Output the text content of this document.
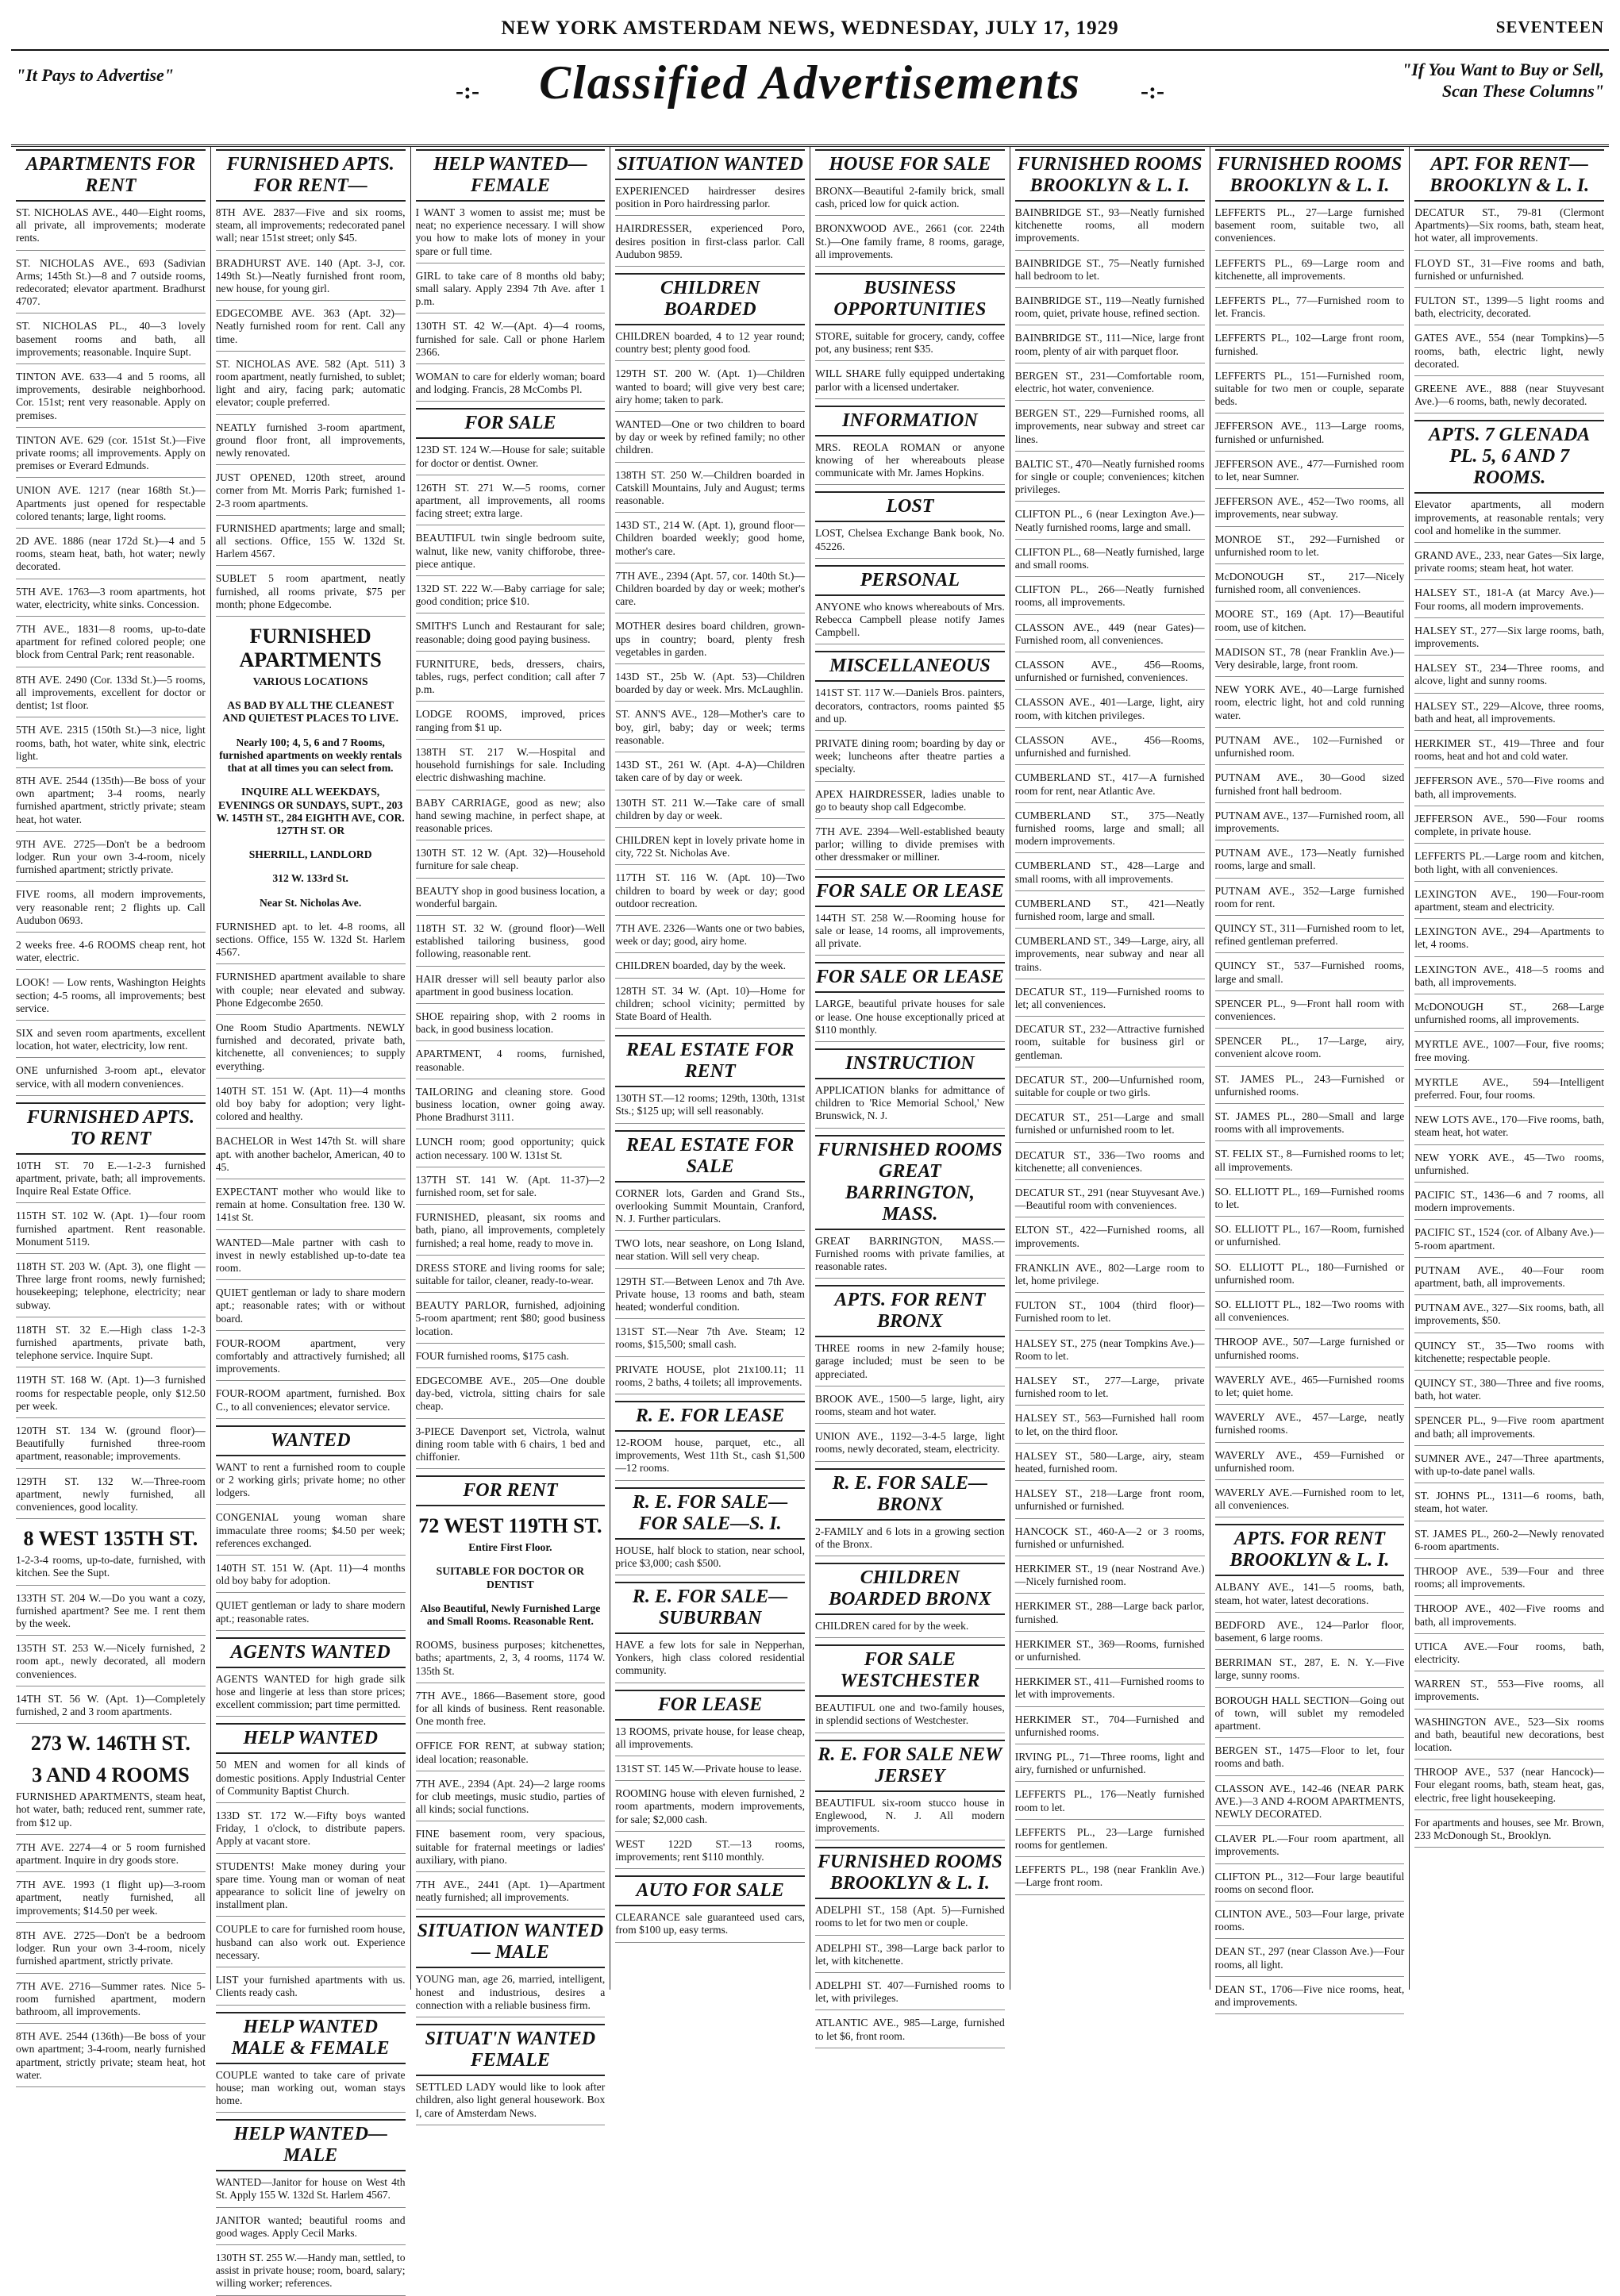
NEW YORK AMSTERDAM NEWS, WEDNESDAY, JULY 17, 1929	SEVENTEEN
"It Pays to Advertise"
-:-	Classified Advertisements	-:-
"If You Want to Buy or Sell,
Scan These Columns"
APARTMENTS FOR RENT
ST. NICHOLAS AVE., 440—Eight rooms, all private, all improvements; moderate rents.
ST. NICHOLAS AVE., 693 (Sadivian Arms; 145th St.)—8 and 7 outside rooms, redecorated; elevator apartment. Bradhurst 4707.
ST. NICHOLAS PL., 40—3 lovely basement rooms and bath, all improvements; reasonable. Inquire Supt.
TINTON AVE. 633—4 and 5 rooms, all improvements, desirable neighborhood. Cor. 151st; rent very reasonable. Apply on premises.
TINTON AVE. 629 (cor. 151st St.)—Five private rooms; all improvements. Apply on premises or Everard Edmunds.
UNION AVE. 1217 (near 168th St.)—Apartments just opened for respectable colored tenants; large, light rooms.
2D AVE. 1886 (near 172d St.)—4 and 5 rooms, steam heat, bath, hot water; newly decorated.
5TH AVE. 1763—3 room apartments, hot water, electricity, white sinks. Concession.
7TH AVE., 1831—8 rooms, up-to-date apartment for refined colored people; one block from Central Park; rent reasonable.
8TH AVE. 2490 (Cor. 133d St.)—5 rooms, all improvements, excellent for doctor or dentist; 1st floor.
5TH AVE. 2315 (150th St.)—3 nice, light rooms, bath, hot water, white sink, electric light.
8TH AVE. 2544 (135th)—Be boss of your own apartment; 3-4 rooms, nearly furnished apartment, strictly private; steam heat, hot water.
9TH AVE. 2725—Don't be a bedroom lodger. Run your own 3-4-room, nicely furnished apartment; strictly private.
FIVE rooms, all modern improvements, very reasonable rent; 2 flights up. Call Audubon 0693.
2 weeks free. 4-6 ROOMS cheap rent, hot water, electric.
LOOK! — Low rents, Washington Heights section; 4-5 rooms, all improvements; best service.
SIX and seven room apartments, excellent location, hot water, electricity, low rent.
ONE unfurnished 3-room apt., elevator service, with all modern conveniences.
FURNISHED APTS. TO RENT
10TH ST. 70 E.—1-2-3 furnished apartment, private, bath; all improvements. Inquire Real Estate Office.
115TH ST. 102 W. (Apt. 1)—four room furnished apartment. Rent reasonable. Monument 5119.
118TH ST. 203 W. (Apt. 3), one flight —Three large front rooms, newly furnished; housekeeping; telephone, electricity; near subway.
118TH ST. 32 E.—High class 1-2-3 furnished apartments, private bath, telephone service. Inquire Supt.
119TH ST. 168 W. (Apt. 1)—3 furnished rooms for respectable people, only $12.50 per week.
120TH ST. 134 W. (ground floor)—Beautifully furnished three-room apartment, reasonable; improvements.
129TH ST. 132 W.—Three-room apartment, newly furnished, all conveniences, good locality.
8 WEST 135TH ST.
1-2-3-4 rooms, up-to-date, furnished, with kitchen. See the Supt.
133TH ST. 204 W.—Do you want a cozy, furnished apartment? See me. I rent them by the week.
135TH ST. 253 W.—Nicely furnished, 2 room apt., newly decorated, all modern conveniences.
14TH ST. 56 W. (Apt. 1)—Completely furnished, 2 and 3 room apartments.
273 W. 146TH ST.
3 AND 4 ROOMS
FURNISHED APARTMENTS, steam heat, hot water, bath; reduced rent, summer rate, from $12 up.
7TH AVE. 2274—4 or 5 room furnished apartment. Inquire in dry goods store.
7TH AVE. 1993 (1 flight up)—3-room apartment, neatly furnished, all improvements; $14.50 per week.
8TH AVE. 2725—Don't be a bedroom lodger. Run your own 3-4-room, nicely furnished apartment, strictly private.
7TH AVE. 2716—Summer rates. Nice 5-room furnished apartment, modern bathroom, all improvements.
8TH AVE. 2544 (136th)—Be boss of your own apartment; 3-4-room, nearly furnished apartment, strictly private; steam heat, hot water.
FURNISHED APTS. FOR RENT—
8TH AVE. 2837—Five and six rooms, steam, all improvements; redecorated panel wall; near 151st street; only $45.
BRADHURST AVE. 140 (Apt. 3-J, cor. 149th St.)—Neatly furnished front room, new house, for young girl.
EDGECOMBE AVE. 363 (Apt. 32)—Neatly furnished room for rent. Call any time.
ST. NICHOLAS AVE. 582 (Apt. 511) 3 room apartment, neatly furnished, to sublet; light and airy, facing park; automatic elevator; couple preferred.
NEATLY furnished 3-room apartment, ground floor front, all improvements, newly renovated.
JUST OPENED, 120th street, around corner from Mt. Morris Park; furnished 1-2-3 room apartments.
FURNISHED apartments; large and small; all sections. Office, 155 W. 132d St. Harlem 4567.
SUBLET 5 room apartment, neatly furnished, all rooms private, $75 per month; phone Edgecombe.
FURNISHED APARTMENTS
VARIOUS LOCATIONS
AS BAD BY ALL THE CLEANEST AND QUIETEST PLACES TO LIVE.
Nearly 100; 4, 5, 6 and 7 Rooms, furnished apartments on weekly rentals that at all times you can select from.
INQUIRE ALL WEEKDAYS, EVENINGS OR SUNDAYS, SUPT., 203 W. 145TH ST., 284 EIGHTH AVE, COR. 127TH ST. OR
SHERRILL, LANDLORD
312 W. 133rd St.
Near St. Nicholas Ave.
FURNISHED apt. to let. 4-8 rooms, all sections. Office, 155 W. 132d St. Harlem 4567.
FURNISHED apartment available to share with couple; near elevated and subway. Phone Edgecombe 2650.
One Room Studio Apartments. NEWLY furnished and decorated, private bath, kitchenette, all conveniences; to supply everything.
140TH ST. 151 W. (Apt. 11)—4 months old boy baby for adoption; very light-colored and healthy.
BACHELOR in West 147th St. will share apt. with another bachelor, American, 40 to 45.
EXPECTANT mother who would like to remain at home. Consultation free. 130 W. 141st St.
WANTED—Male partner with cash to invest in newly established up-to-date tea room.
QUIET gentleman or lady to share modern apt.; reasonable rates; with or without board.
FOUR-ROOM apartment, very comfortably and attractively furnished; all improvements.
FOUR-ROOM apartment, furnished. Box C., to all conveniences; elevator service.
WANTED
WANT to rent a furnished room to couple or 2 working girls; private home; no other lodgers.
CONGENIAL young woman share immaculate three rooms; $4.50 per week; references exchanged.
140TH ST. 151 W. (Apt. 11)—4 months old boy baby for adoption.
QUIET gentleman or lady to share modern apt.; reasonable rates.
AGENTS WANTED
AGENTS WANTED for high grade silk hose and lingerie at less than store prices; excellent commission; part time permitted.
HELP WANTED
50 MEN and women for all kinds of domestic positions. Apply Industrial Center of Community Baptist Church.
133D ST. 172 W.—Fifty boys wanted Friday, 1 o'clock, to distribute papers. Apply at vacant store.
STUDENTS! Make money during your spare time. Young man or woman of neat appearance to solicit line of jewelry on installment plan.
COUPLE to care for furnished room house, husband can also work out. Experience necessary.
LIST your furnished apartments with us. Clients ready cash.
HELP WANTED MALE & FEMALE
COUPLE wanted to take care of private house; man working out, woman stays home.
HELP WANTED— MALE
WANTED—Janitor for house on West 4th St. Apply 155 W. 132d St. Harlem 4567.
JANITOR wanted; beautiful rooms and good wages. Apply Cecil Marks.
130TH ST. 255 W.—Handy man, settled, to assist in private house; room, board, salary; willing worker; references.
HELP WANTED— FEMALE
I WANT 3 women to assist me; must be neat; no experience necessary. I will show you how to make lots of money in your spare or full time.
GIRL to take care of 8 months old baby; small salary. Apply 2394 7th Ave. after 1 p.m.
130TH ST. 42 W.—(Apt. 4)—4 rooms, furnished for sale. Call or phone Harlem 2366.
WOMAN to care for elderly woman; board and lodging. Francis, 28 McCombs Pl.
FOR SALE
123D ST. 124 W.—House for sale; suitable for doctor or dentist. Owner.
126TH ST. 271 W.—5 rooms, corner apartment, all improvements, all rooms facing street; extra large.
BEAUTIFUL twin single bedroom suite, walnut, like new, vanity chifforobe, three-piece antique.
132D ST. 222 W.—Baby carriage for sale; good condition; price $10.
SMITH'S Lunch and Restaurant for sale; reasonable; doing good paying business.
FURNITURE, beds, dressers, chairs, tables, rugs, perfect condition; call after 7 p.m.
LODGE ROOMS, improved, prices ranging from $1 up.
138TH ST. 217 W.—Hospital and household furnishings for sale. Including electric dishwashing machine.
BABY CARRIAGE, good as new; also hand sewing machine, in perfect shape, at reasonable prices.
130TH ST. 12 W. (Apt. 32)—Household furniture for sale cheap.
BEAUTY shop in good business location, a wonderful bargain.
118TH ST. 32 W. (ground floor)—Well established tailoring business, good following, reasonable rent.
HAIR dresser will sell beauty parlor also apartment in good business location.
SHOE repairing shop, with 2 rooms in back, in good business location.
APARTMENT, 4 rooms, furnished, reasonable.
TAILORING and cleaning store. Good business location, owner going away. Phone Bradhurst 3111.
LUNCH room; good opportunity; quick action necessary. 100 W. 131st St.
137TH ST. 141 W. (Apt. 11-37)—2 furnished room, set for sale.
FURNISHED, pleasant, six rooms and bath, piano, all improvements, completely furnished; a real home, ready to move in.
DRESS STORE and living rooms for sale; suitable for tailor, cleaner, ready-to-wear.
BEAUTY PARLOR, furnished, adjoining 5-room apartment; rent $80; good business location.
FOUR furnished rooms, $175 cash.
EDGECOMBE AVE., 205—One double day-bed, victrola, sitting chairs for sale cheap.
3-PIECE Davenport set, Victrola, walnut dining room table with 6 chairs, 1 bed and chiffonier.
FOR RENT
72 WEST 119TH ST.
Entire First Floor.
SUITABLE FOR DOCTOR OR DENTIST
Also Beautiful, Newly Furnished Large and Small Rooms. Reasonable Rent.
ROOMS, business purposes; kitchenettes, baths; apartments, 2, 3, 4 rooms, 1174 W. 135th St.
7TH AVE., 1866—Basement store, good for all kinds of business. Rent reasonable. One month free.
OFFICE FOR RENT, at subway station; ideal location; reasonable.
7TH AVE., 2394 (Apt. 24)—2 large rooms for club meetings, music studio, parties of all kinds; social functions.
FINE basement room, very spacious, suitable for fraternal meetings or ladies' auxiliary, with piano.
7TH AVE., 2441 (Apt. 1)—Apartment neatly furnished; all improvements.
SITUATION WANTED — MALE
YOUNG man, age 26, married, intelligent, honest and industrious, desires a connection with a reliable business firm.
SITUAT'N WANTED FEMALE
SETTLED LADY would like to look after children, also light general housework. Box I, care of Amsterdam News.
SITUATION WANTED
EXPERIENCED hairdresser desires position in Poro hairdressing parlor.
HAIRDRESSER, experienced Poro, desires position in first-class parlor. Call Audubon 9859.
CHILDREN BOARDED
CHILDREN boarded, 4 to 12 year round; country best; plenty good food.
129TH ST. 200 W. (Apt. 1)—Children wanted to board; will give very best care; airy home; taken to park.
WANTED—One or two children to board by day or week by refined family; no other children.
138TH ST. 250 W.—Children boarded in Catskill Mountains, July and August; terms reasonable.
143D ST., 214 W. (Apt. 1), ground floor—Children boarded weekly; good home, mother's care.
7TH AVE., 2394 (Apt. 57, cor. 140th St.)—Children boarded by day or week; mother's care.
MOTHER desires board children, grown-ups in country; board, plenty fresh vegetables in garden.
143D ST., 25b W. (Apt. 53)—Children boarded by day or week. Mrs. McLaughlin.
ST. ANN'S AVE., 128—Mother's care to boy, girl, baby; day or week; terms reasonable.
143D ST., 261 W. (Apt. 4-A)—Children taken care of by day or week.
130TH ST. 211 W.—Take care of small children by day or week.
CHILDREN kept in lovely private home in city, 722 St. Nicholas Ave.
117TH ST. 116 W. (Apt. 10)—Two children to board by week or day; good outdoor recreation.
7TH AVE. 2326—Wants one or two babies, week or day; good, airy home.
CHILDREN boarded, day by the week.
128TH ST. 34 W. (Apt. 10)—Home for children; school vicinity; permitted by State Board of Health.
REAL ESTATE FOR RENT
130TH ST.—12 rooms; 129th, 130th, 131st Sts.; $125 up; will sell reasonably.
REAL ESTATE FOR SALE
CORNER lots, Garden and Grand Sts., overlooking Summit Mountain, Cranford, N. J. Further particulars.
TWO lots, near seashore, on Long Island, near station. Will sell very cheap.
129TH ST.—Between Lenox and 7th Ave. Private house, 13 rooms and bath, steam heated; wonderful condition.
131ST ST.—Near 7th Ave. Steam; 12 rooms, $15,500; small cash.
PRIVATE HOUSE, plot 21x100.11; 11 rooms, 2 baths, 4 toilets; all improvements.
R. E. FOR LEASE
12-ROOM house, parquet, etc., all improvements, West 11th St., cash $1,500—12 rooms.
R. E. FOR SALE— FOR SALE—S. I.
HOUSE, half block to station, near school, price $3,000; cash $500.
R. E. FOR SALE— SUBURBAN
HAVE a few lots for sale in Nepperhan, Yonkers, high class colored residential community.
FOR LEASE
13 ROOMS, private house, for lease cheap, all improvements.
131ST ST. 145 W.—Private house to lease.
ROOMING house with eleven furnished, 2 room apartments, modern improvements, for sale; $2,000 cash.
WEST 122D ST.—13 rooms, improvements; rent $110 monthly.
AUTO FOR SALE
CLEARANCE sale guaranteed used cars, from $100 up, easy terms.
HOUSE FOR SALE
BRONX—Beautiful 2-family brick, small cash, priced low for quick action.
BRONXWOOD AVE., 2661 (cor. 224th St.)—One family frame, 8 rooms, garage, all improvements.
BUSINESS OPPORTUNITIES
STORE, suitable for grocery, candy, coffee pot, any business; rent $35.
WILL SHARE fully equipped undertaking parlor with a licensed undertaker.
INFORMATION
MRS. REOLA ROMAN or anyone knowing of her whereabouts please communicate with Mr. James Hopkins.
LOST
LOST, Chelsea Exchange Bank book, No. 45226.
PERSONAL
ANYONE who knows whereabouts of Mrs. Rebecca Campbell please notify James Campbell.
MISCELLANEOUS
141ST ST. 117 W.—Daniels Bros. painters, decorators, contractors, rooms painted $5 and up.
PRIVATE dining room; boarding by day or week; luncheons after theatre parties a specialty.
APEX HAIRDRESSER, ladies unable to go to beauty shop call Edgecombe.
7TH AVE. 2394—Well-established beauty parlor; willing to divide premises with other dressmaker or milliner.
FOR SALE OR LEASE
144TH ST. 258 W.—Rooming house for sale or lease, 14 rooms, all improvements, all private.
FOR SALE OR LEASE
LARGE, beautiful private houses for sale or lease. One house exceptionally priced at $110 monthly.
INSTRUCTION
APPLICATION blanks for admittance of children to 'Rice Memorial School,' New Brunswick, N. J.
FURNISHED ROOMS GREAT BARRINGTON, MASS.
GREAT BARRINGTON, MASS.—Furnished rooms with private families, at reasonable rates.
APTS. FOR RENT BRONX
THREE rooms in new 2-family house; garage included; must be seen to be appreciated.
BROOK AVE., 1500—5 large, light, airy rooms, steam and hot water.
UNION AVE., 1192—3-4-5 large, light rooms, newly decorated, steam, electricity.
R. E. FOR SALE— BRONX
2-FAMILY and 6 lots in a growing section of the Bronx.
CHILDREN BOARDED BRONX
CHILDREN cared for by the week.
FOR SALE WESTCHESTER
BEAUTIFUL one and two-family houses, in splendid sections of Westchester.
R. E. FOR SALE NEW JERSEY
BEAUTIFUL six-room stucco house in Englewood, N. J. All modern improvements.
FURNISHED ROOMS BROOKLYN & L. I.
ADELPHI ST., 158 (Apt. 5)—Furnished rooms to let for two men or couple.
ADELPHI ST., 398—Large back parlor to let, with kitchenette.
ADELPHI ST. 407—Furnished rooms to let, with privileges.
ATLANTIC AVE., 985—Large, furnished to let $6, front room.
FURNISHED ROOMS BROOKLYN & L. I.
BAINBRIDGE ST., 93—Neatly furnished kitchenette rooms, all modern improvements.
BAINBRIDGE ST., 75—Neatly furnished hall bedroom to let.
BAINBRIDGE ST., 119—Neatly furnished room, quiet, private house, refined section.
BAINBRIDGE ST., 111—Nice, large front room, plenty of air with parquet floor.
BERGEN ST., 231—Comfortable room, electric, hot water, convenience.
BERGEN ST., 229—Furnished rooms, all improvements, near subway and street car lines.
BALTIC ST., 470—Neatly furnished rooms for single or couple; conveniences; kitchen privileges.
CLIFTON PL., 6 (near Lexington Ave.)—Neatly furnished rooms, large and small.
CLIFTON PL., 68—Neatly furnished, large and small rooms.
CLIFTON PL., 266—Neatly furnished rooms, all improvements.
CLASSON AVE., 449 (near Gates)—Furnished room, all conveniences.
CLASSON AVE., 456—Rooms, unfurnished or furnished, conveniences.
CLASSON AVE., 401—Large, light, airy room, with kitchen privileges.
CLASSON AVE., 456—Rooms, unfurnished and furnished.
CUMBERLAND ST., 417—A furnished room for rent, near Atlantic Ave.
CUMBERLAND ST., 375—Neatly furnished rooms, large and small; all modern improvements.
CUMBERLAND ST., 428—Large and small rooms, with all improvements.
CUMBERLAND ST., 421—Neatly furnished room, large and small.
CUMBERLAND ST., 349—Large, airy, all improvements, near subway and near all trains.
DECATUR ST., 119—Furnished rooms to let; all conveniences.
DECATUR ST., 232—Attractive furnished room, suitable for business girl or gentleman.
DECATUR ST., 200—Unfurnished room, suitable for couple or two girls.
DECATUR ST., 251—Large and small furnished or unfurnished room to let.
DECATUR ST., 336—Two rooms and kitchenette; all conveniences.
DECATUR ST., 291 (near Stuyvesant Ave.)—Beautiful room with conveniences.
ELTON ST., 422—Furnished rooms, all improvements.
FRANKLIN AVE., 802—Large room to let, home privilege.
FULTON ST., 1004 (third floor)—Furnished room to let.
HALSEY ST., 275 (near Tompkins Ave.)—Room to let.
HALSEY ST., 277—Large, private furnished room to let.
HALSEY ST., 563—Furnished hall room to let, on the third floor.
HALSEY ST., 580—Large, airy, steam heated, furnished room.
HALSEY ST., 218—Large front room, unfurnished or furnished.
HANCOCK ST., 460-A—2 or 3 rooms, furnished or unfurnished.
HERKIMER ST., 19 (near Nostrand Ave.)—Nicely furnished room.
HERKIMER ST., 288—Large back parlor, furnished.
HERKIMER ST., 369—Rooms, furnished or unfurnished.
HERKIMER ST., 411—Furnished rooms to let with improvements.
HERKIMER ST., 704—Furnished and unfurnished rooms.
IRVING PL., 71—Three rooms, light and airy, furnished or unfurnished.
LEFFERTS PL., 176—Neatly furnished room to let.
LEFFERTS PL., 23—Large furnished rooms for gentlemen.
LEFFERTS PL., 198 (near Franklin Ave.)—Large front room.
FURNISHED ROOMS BROOKLYN & L. I.
LEFFERTS PL., 27—Large furnished basement room, suitable two, all conveniences.
LEFFERTS PL., 69—Large room and kitchenette, all improvements.
LEFFERTS PL., 77—Furnished room to let. Francis.
LEFFERTS PL., 102—Large front room, furnished.
LEFFERTS PL., 151—Furnished room, suitable for two men or couple, separate beds.
JEFFERSON AVE., 113—Large rooms, furnished or unfurnished.
JEFFERSON AVE., 477—Furnished room to let, near Sumner.
JEFFERSON AVE., 452—Two rooms, all improvements, near subway.
MONROE ST., 292—Furnished or unfurnished room to let.
McDONOUGH ST., 217—Nicely furnished room, all conveniences.
MOORE ST., 169 (Apt. 17)—Beautiful room, use of kitchen.
MADISON ST., 78 (near Franklin Ave.)—Very desirable, large, front room.
NEW YORK AVE., 40—Large furnished room, electric light, hot and cold running water.
PUTNAM AVE., 102—Furnished or unfurnished room.
PUTNAM AVE., 30—Good sized furnished front hall bedroom.
PUTNAM AVE., 137—Furnished room, all improvements.
PUTNAM AVE., 173—Neatly furnished rooms, large and small.
PUTNAM AVE., 352—Large furnished room for rent.
QUINCY ST., 311—Furnished room to let, refined gentleman preferred.
QUINCY ST., 537—Furnished rooms, large and small.
SPENCER PL., 9—Front hall room with conveniences.
SPENCER PL., 17—Large, airy, convenient alcove room.
ST. JAMES PL., 243—Furnished or unfurnished rooms.
ST. JAMES PL., 280—Small and large rooms with all improvements.
ST. FELIX ST., 8—Furnished rooms to let; all improvements.
SO. ELLIOTT PL., 169—Furnished rooms to let.
SO. ELLIOTT PL., 167—Room, furnished or unfurnished.
SO. ELLIOTT PL., 180—Furnished or unfurnished room.
SO. ELLIOTT PL., 182—Two rooms with all conveniences.
THROOP AVE., 507—Large furnished or unfurnished rooms.
WAVERLY AVE., 465—Furnished rooms to let; quiet home.
WAVERLY AVE., 457—Large, neatly furnished rooms.
WAVERLY AVE., 459—Furnished or unfurnished room.
WAVERLY AVE.—Furnished room to let, all conveniences.
APTS. FOR RENT BROOKLYN & L. I.
ALBANY AVE., 141—5 rooms, bath, steam, hot water, latest decorations.
BEDFORD AVE., 124—Parlor floor, basement, 6 large rooms.
BERRIMAN ST., 287, E. N. Y.—Five large, sunny rooms.
BOROUGH HALL SECTION—Going out of town, will sublet my remodeled apartment.
BERGEN ST., 1475—Floor to let, four rooms and bath.
CLASSON AVE., 142-46 (NEAR PARK AVE.)—3 AND 4-ROOM APARTMENTS, NEWLY DECORATED.
CLAVER PL.—Four room apartment, all improvements.
CLIFTON PL., 312—Four large beautiful rooms on second floor.
CLINTON AVE., 503—Four large, private rooms.
DEAN ST., 297 (near Classon Ave.)—Four rooms, all light.
DEAN ST., 1706—Five nice rooms, heat, and improvements.
APT. FOR RENT— BROOKLYN & L. I.
DECATUR ST., 79-81 (Clermont Apartments)—Six rooms, bath, steam heat, hot water, all improvements.
FLOYD ST., 31—Five rooms and bath, furnished or unfurnished.
FULTON ST., 1399—5 light rooms and bath, electricity, decorated.
GATES AVE., 554 (near Tompkins)—5 rooms, bath, electric light, newly decorated.
GREENE AVE., 888 (near Stuyvesant Ave.)—6 rooms, bath, newly decorated.
APTS. 7 GLENADA PL. 5, 6 AND 7 ROOMS.
Elevator apartments, all modern improvements, at reasonable rentals; very cool and homelike in the summer.
GRAND AVE., 233, near Gates—Six large, private rooms; steam heat, hot water.
HALSEY ST., 181-A (at Marcy Ave.)—Four rooms, all modern improvements.
HALSEY ST., 277—Six large rooms, bath, improvements.
HALSEY ST., 234—Three rooms, and alcove, light and sunny rooms.
HALSEY ST., 229—Alcove, three rooms, bath and heat, all improvements.
HERKIMER ST., 419—Three and four rooms, heat and hot and cold water.
JEFFERSON AVE., 570—Five rooms and bath, all improvements.
JEFFERSON AVE., 590—Four rooms complete, in private house.
LEFFERTS PL.—Large room and kitchen, both light, with all conveniences.
LEXINGTON AVE., 190—Four-room apartment, steam and electricity.
LEXINGTON AVE., 294—Apartments to let, 4 rooms.
LEXINGTON AVE., 418—5 rooms and bath, all improvements.
McDONOUGH ST., 268—Large unfurnished rooms, all improvements.
MYRTLE AVE., 1007—Four, five rooms; free moving.
MYRTLE AVE., 594—Intelligent preferred. Four, four rooms.
NEW LOTS AVE., 170—Five rooms, bath, steam heat, hot water.
NEW YORK AVE., 45—Two rooms, unfurnished.
PACIFIC ST., 1436—6 and 7 rooms, all modern improvements.
PACIFIC ST., 1524 (cor. of Albany Ave.)—5-room apartment.
PUTNAM AVE., 40—Four room apartment, bath, all improvements.
PUTNAM AVE., 327—Six rooms, bath, all improvements, $50.
QUINCY ST., 35—Two rooms with kitchenette; respectable people.
QUINCY ST., 380—Three and five rooms, bath, hot water.
SPENCER PL., 9—Five room apartment and bath; all improvements.
SUMNER AVE., 247—Three apartments, with up-to-date panel walls.
ST. JOHNS PL., 1311—6 rooms, bath, steam, hot water.
ST. JAMES PL., 260-2—Newly renovated 6-room apartments.
THROOP AVE., 539—Four and three rooms; all improvements.
THROOP AVE., 402—Five rooms and bath, all improvements.
UTICA AVE.—Four rooms, bath, electricity.
WARREN ST., 553—Five rooms, all improvements.
WASHINGTON AVE., 523—Six rooms and bath, beautiful new decorations, best location.
THROOP AVE., 537 (near Hancock)—Four elegant rooms, bath, steam heat, gas, electric, free light housekeeping.
For apartments and houses, see Mr. Brown, 233 McDonough St., Brooklyn.
